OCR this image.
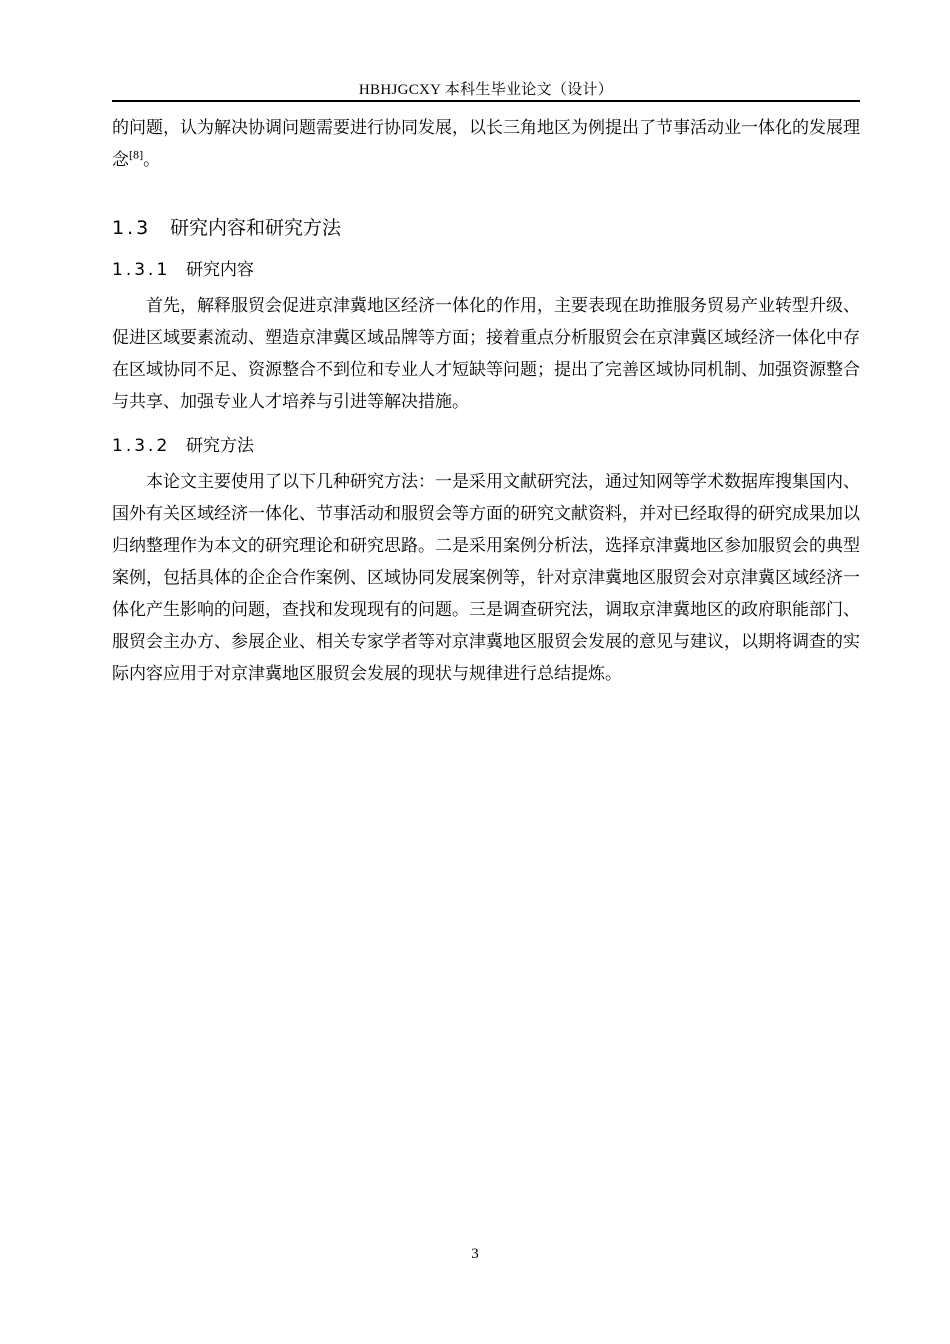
HBHJGCXY 本科生毕业论文（设计）

的问题，认为解决协调问题需要进行协同发展，以长三角地区为例提出了节事活动业一体化的发展理念[8]。

1.3 研究内容和研究方法
1.3.1 研究内容

首先，解释服贸会促进京津冀地区经济一体化的作用，主要表现在助推服务贸易产业转型升级、促进区域要素流动、塑造京津冀区域品牌等方面；接着重点分析服贸会在京津冀区域经济一体化中存在区域协同不足、资源整合不到位和专业人才短缺等问题；提出了完善区域协同机制、加强资源整合与共享、加强专业人才培养与引进等解决措施。

1.3.2 研究方法

本论文主要使用了以下几种研究方法：一是采用文献研究法，通过知网等学术数据库搜集国内、国外有关区域经济一体化、节事活动和服贸会等方面的研究文献资料，并对已经取得的研究成果加以归纳整理作为本文的研究理论和研究思路。二是采用案例分析法，选择京津冀地区参加服贸会的典型案例，包括具体的企企合作案例、区域协同发展案例等，针对京津冀地区服贸会对京津冀区域经济一体化产生影响的问题，查找和发现现有的问题。三是调查研究法，调取京津冀地区的政府职能部门、服贸会主办方、参展企业、相关专家学者等对京津冀地区服贸会发展的意见与建议，以期将调查的实际内容应用于对京津冀地区服贸会发展的现状与规律进行总结提炼。

3
